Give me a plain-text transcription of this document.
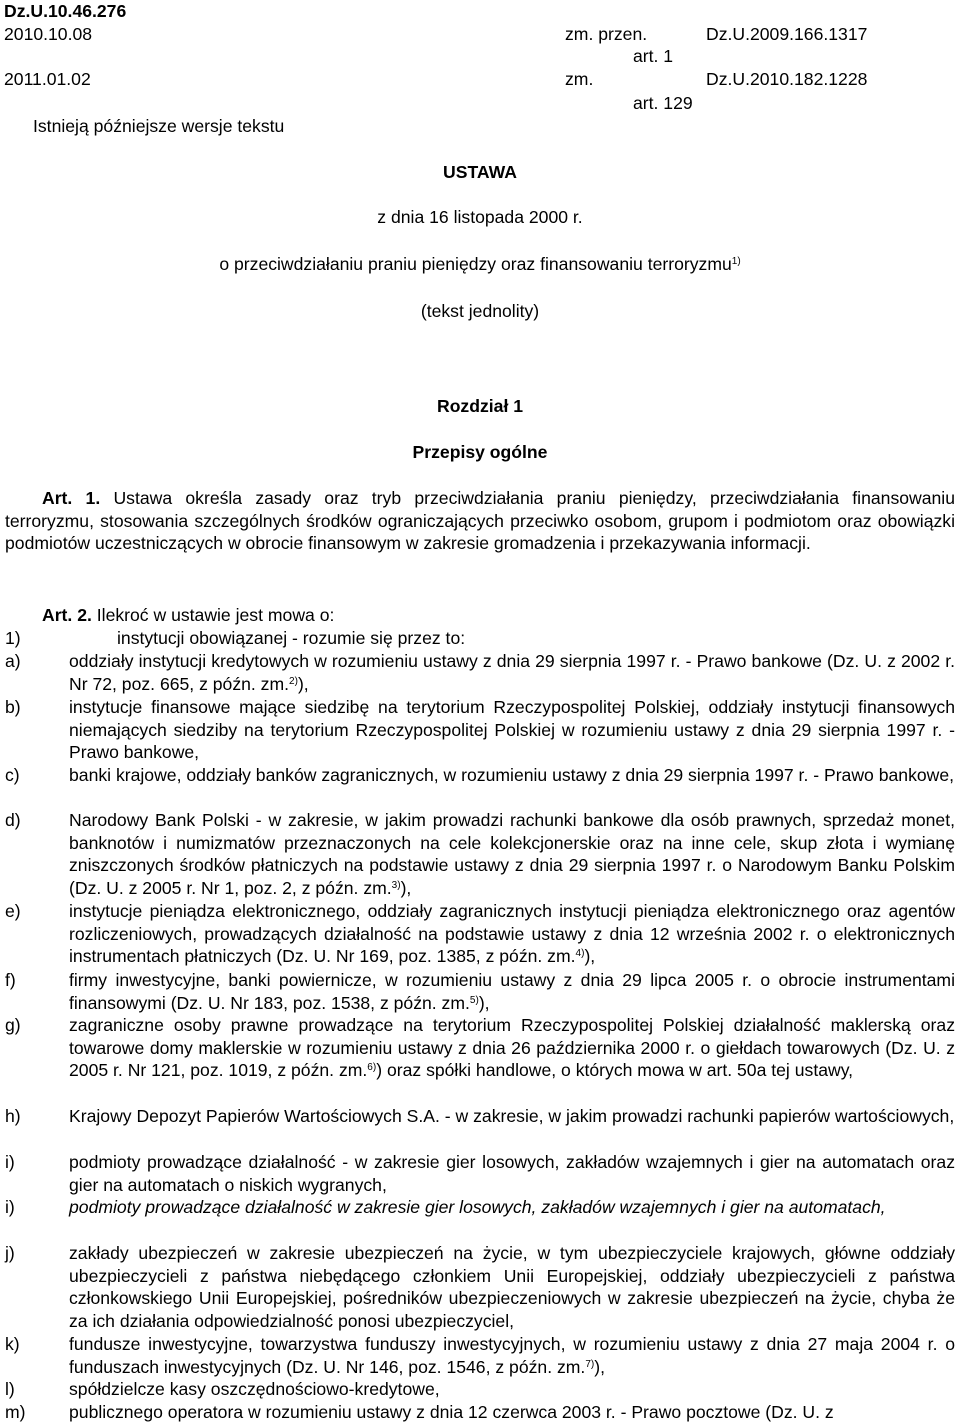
Dz.U.10.46.276
2010.10.08	zm. przen.	Dz.U.2009.166.1317
art. 1
2011.01.02	zm.	Dz.U.2010.182.1228
art. 129
Istnieją późniejsze wersje tekstu
USTAWA
z dnia 16 listopada 2000 r.
o przeciwdziałaniu praniu pieniędzy oraz finansowaniu terroryzmu$^{1)}$
(tekst jednolity)
Rozdział 1
Przepisy ogólne
Art. 1. Ustawa określa zasady oraz tryb przeciwdziałania praniu pieniędzy, przeciwdziałania finansowaniu terroryzmu, stosowania szczególnych środków ograniczających przeciwko osobom, grupom i podmiotom oraz obowiązki podmiotów uczestniczących w obrocie finansowym w zakresie gromadzenia i przekazywania informacji.
Art. 2. Ilekroć w ustawie jest mowa o:
1)	instytucji obowiązanej - rozumie się przez to:
a)	oddziały instytucji kredytowych w rozumieniu ustawy z dnia 29 sierpnia 1997 r. - Prawo bankowe (Dz. U. z 2002 r. Nr 72, poz. 665, z późn. zm.$^{2)}$),
b)	instytucje finansowe mające siedzibę na terytorium Rzeczypospolitej Polskiej, oddziały instytucji finansowych niemających siedziby na terytorium Rzeczypospolitej Polskiej w rozumieniu ustawy z dnia 29 sierpnia 1997 r. - Prawo bankowe,
c)	banki krajowe, oddziały banków zagranicznych, w rozumieniu ustawy z dnia 29 sierpnia 1997 r. - Prawo bankowe,
d)	Narodowy Bank Polski - w zakresie, w jakim prowadzi rachunki bankowe dla osób prawnych, sprzedaż monet, banknotów i numizmatów przeznaczonych na cele kolekcjonerskie oraz na inne cele, skup złota i wymianę zniszczonych środków płatniczych na podstawie ustawy z dnia 29 sierpnia 1997 r. o Narodowym Banku Polskim (Dz. U. z 2005 r. Nr 1, poz. 2, z późn. zm.$^{3)}$),
e)	instytucje pieniądza elektronicznego, oddziały zagranicznych instytucji pieniądza elektronicznego oraz agentów rozliczeniowych, prowadzących działalność na podstawie ustawy z dnia 12 września 2002 r. o elektronicznych instrumentach płatniczych (Dz. U. Nr 169, poz. 1385, z późn. zm.$^{4)}$),
f)	firmy inwestycyjne, banki powiernicze, w rozumieniu ustawy z dnia 29 lipca 2005 r. o obrocie instrumentami finansowymi (Dz. U. Nr 183, poz. 1538, z późn. zm.$^{5)}$),
g)	zagraniczne osoby prawne prowadzące na terytorium Rzeczypospolitej Polskiej działalność maklerską oraz towarowe domy maklerskie w rozumieniu ustawy z dnia 26 października 2000 r. o giełdach towarowych (Dz. U. z 2005 r. Nr 121, poz. 1019, z późn. zm.$^{6)}$) oraz spółki handlowe, o których mowa w art. 50a tej ustawy,
h)	Krajowy Depozyt Papierów Wartościowych S.A. - w zakresie, w jakim prowadzi rachunki papierów wartościowych,
i)	podmioty prowadzące działalność - w zakresie gier losowych, zakładów wzajemnych i gier na automatach oraz gier na automatach o niskich wygranych,
i)	podmioty prowadzące działalność w zakresie gier losowych, zakładów wzajemnych i gier na automatach,
j)	zakłady ubezpieczeń w zakresie ubezpieczeń na życie, w tym ubezpieczyciele krajowych, główne oddziały ubezpieczycieli z państwa niebędącego członkiem Unii Europejskiej, oddziały ubezpieczycieli z państwa członkowskiego Unii Europejskiej, pośredników ubezpieczeniowych w zakresie ubezpieczeń na życie, chyba że za ich działania odpowiedzialność ponosi ubezpieczyciel,
k)	fundusze inwestycyjne, towarzystwa funduszy inwestycyjnych, w rozumieniu ustawy z dnia 27 maja 2004 r. o funduszach inwestycyjnych (Dz. U. Nr 146, poz. 1546, z późn. zm.$^{7)}$),
l)	spółdzielcze kasy oszczędnościowo-kredytowe,
m) publicznego operatora w rozumieniu ustawy z dnia 12 czerwca 2003 r. - Prawo pocztowe (Dz. U. z
